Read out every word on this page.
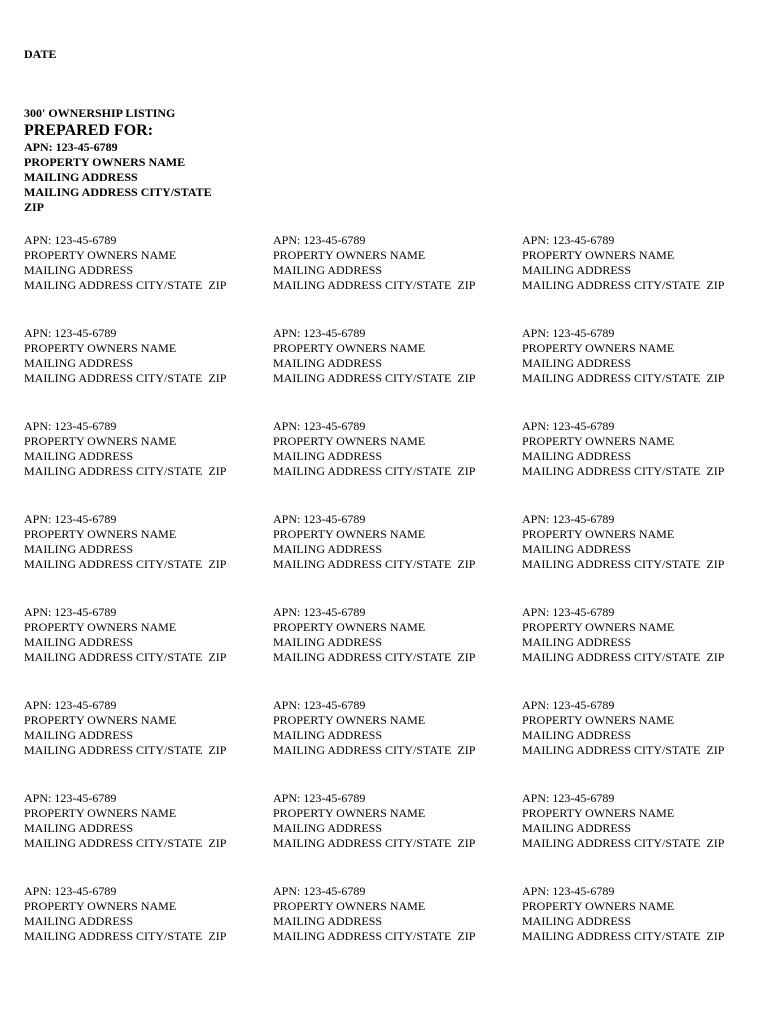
DATE
300' OWNERSHIP LISTING
PREPARED FOR:
APN: 123-45-6789
PROPERTY OWNERS NAME
MAILING ADDRESS
MAILING ADDRESS CITY/STATE
ZIP
APN: 123-45-6789
PROPERTY OWNERS NAME
MAILING ADDRESS
MAILING ADDRESS CITY/STATE  ZIP
APN: 123-45-6789
PROPERTY OWNERS NAME
MAILING ADDRESS
MAILING ADDRESS CITY/STATE  ZIP
APN: 123-45-6789
PROPERTY OWNERS NAME
MAILING ADDRESS
MAILING ADDRESS CITY/STATE  ZIP
APN: 123-45-6789
PROPERTY OWNERS NAME
MAILING ADDRESS
MAILING ADDRESS CITY/STATE  ZIP
APN: 123-45-6789
PROPERTY OWNERS NAME
MAILING ADDRESS
MAILING ADDRESS CITY/STATE  ZIP
APN: 123-45-6789
PROPERTY OWNERS NAME
MAILING ADDRESS
MAILING ADDRESS CITY/STATE  ZIP
APN: 123-45-6789
PROPERTY OWNERS NAME
MAILING ADDRESS
MAILING ADDRESS CITY/STATE  ZIP
APN: 123-45-6789
PROPERTY OWNERS NAME
MAILING ADDRESS
MAILING ADDRESS CITY/STATE  ZIP
APN: 123-45-6789
PROPERTY OWNERS NAME
MAILING ADDRESS
MAILING ADDRESS CITY/STATE  ZIP
APN: 123-45-6789
PROPERTY OWNERS NAME
MAILING ADDRESS
MAILING ADDRESS CITY/STATE  ZIP
APN: 123-45-6789
PROPERTY OWNERS NAME
MAILING ADDRESS
MAILING ADDRESS CITY/STATE  ZIP
APN: 123-45-6789
PROPERTY OWNERS NAME
MAILING ADDRESS
MAILING ADDRESS CITY/STATE  ZIP
APN: 123-45-6789
PROPERTY OWNERS NAME
MAILING ADDRESS
MAILING ADDRESS CITY/STATE  ZIP
APN: 123-45-6789
PROPERTY OWNERS NAME
MAILING ADDRESS
MAILING ADDRESS CITY/STATE  ZIP
APN: 123-45-6789
PROPERTY OWNERS NAME
MAILING ADDRESS
MAILING ADDRESS CITY/STATE  ZIP
APN: 123-45-6789
PROPERTY OWNERS NAME
MAILING ADDRESS
MAILING ADDRESS CITY/STATE  ZIP
APN: 123-45-6789
PROPERTY OWNERS NAME
MAILING ADDRESS
MAILING ADDRESS CITY/STATE  ZIP
APN: 123-45-6789
PROPERTY OWNERS NAME
MAILING ADDRESS
MAILING ADDRESS CITY/STATE  ZIP
APN: 123-45-6789
PROPERTY OWNERS NAME
MAILING ADDRESS
MAILING ADDRESS CITY/STATE  ZIP
APN: 123-45-6789
PROPERTY OWNERS NAME
MAILING ADDRESS
MAILING ADDRESS CITY/STATE  ZIP
APN: 123-45-6789
PROPERTY OWNERS NAME
MAILING ADDRESS
MAILING ADDRESS CITY/STATE  ZIP
APN: 123-45-6789
PROPERTY OWNERS NAME
MAILING ADDRESS
MAILING ADDRESS CITY/STATE  ZIP
APN: 123-45-6789
PROPERTY OWNERS NAME
MAILING ADDRESS
MAILING ADDRESS CITY/STATE  ZIP
APN: 123-45-6789
PROPERTY OWNERS NAME
MAILING ADDRESS
MAILING ADDRESS CITY/STATE  ZIP
